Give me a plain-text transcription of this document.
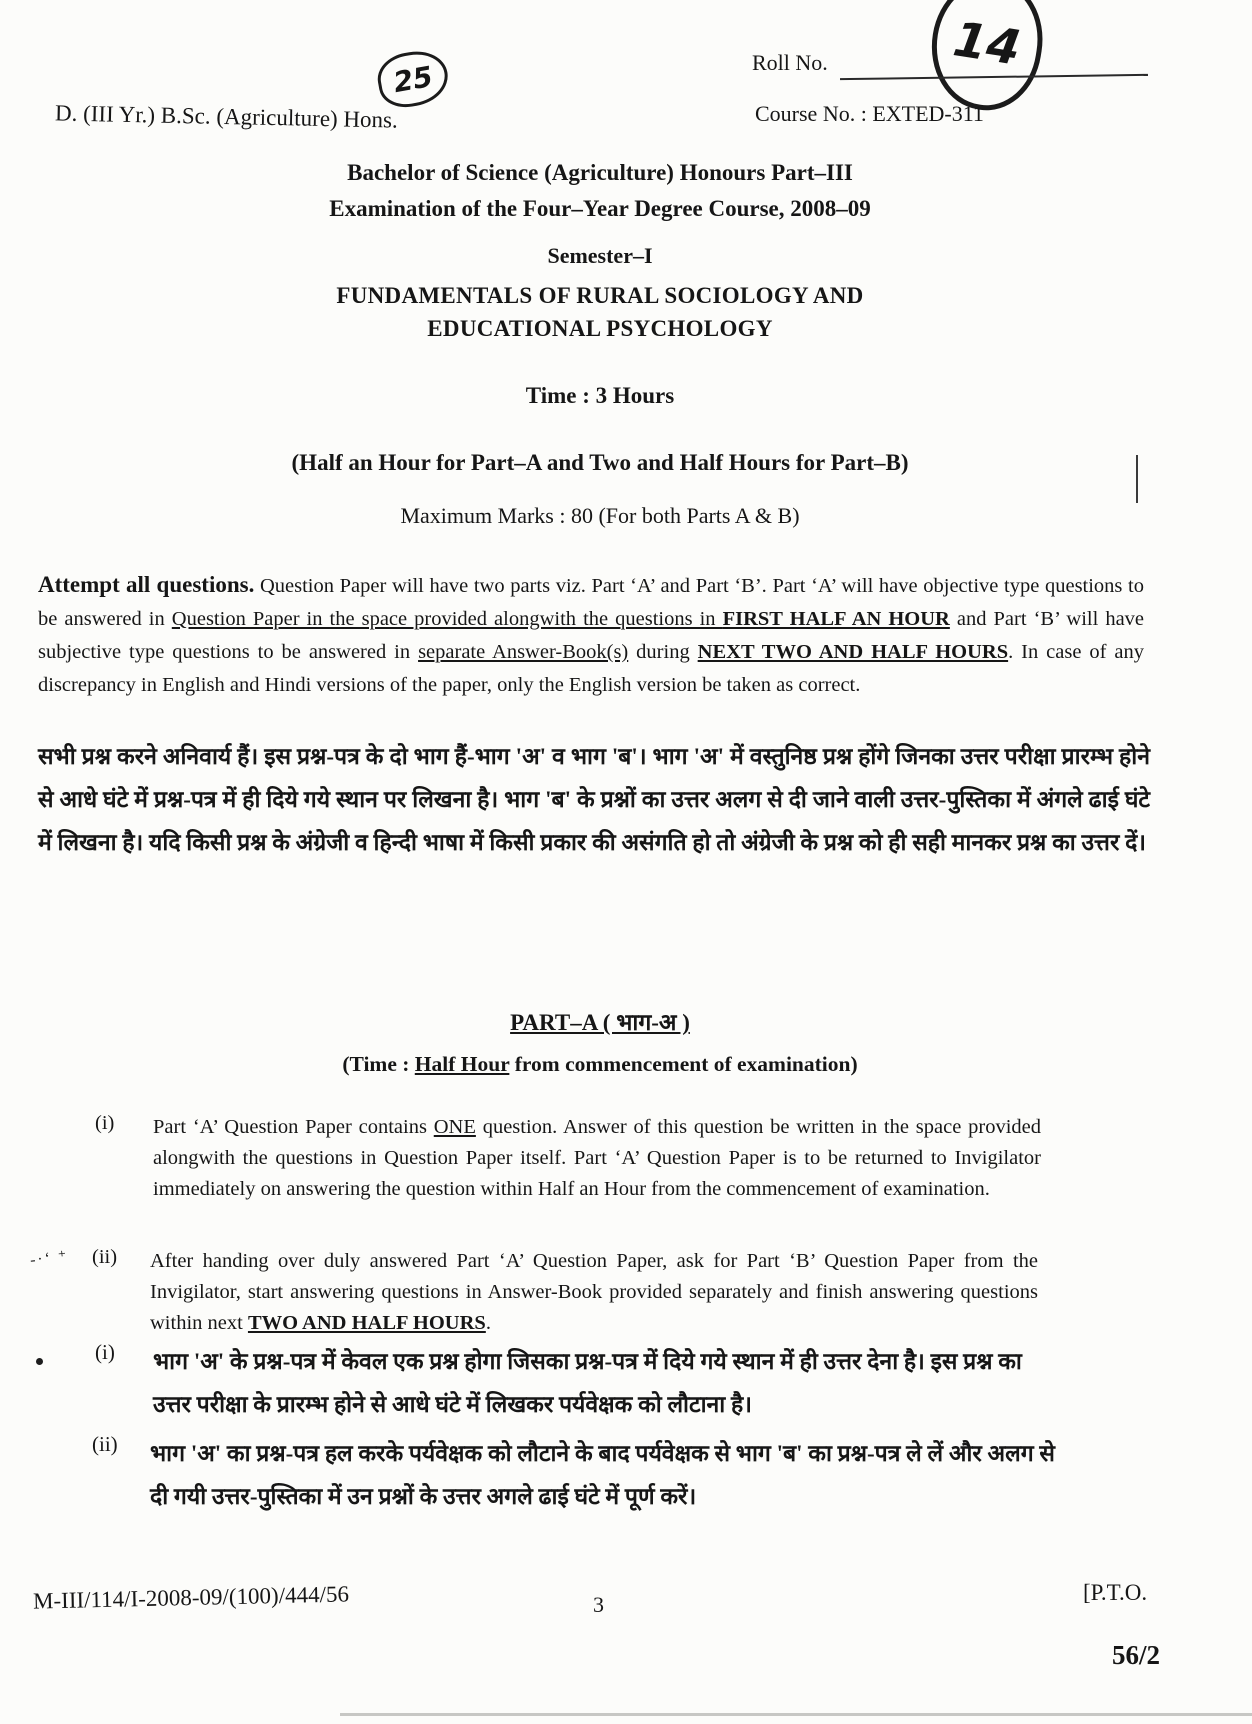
25
14
Roll No.
Course No. : EXTED-311
D. (III Yr.) B.Sc. (Agriculture) Hons.
Bachelor of Science (Agriculture) Honours Part–III
Examination of the Four–Year Degree Course, 2008–09
Semester–I
FUNDAMENTALS OF RURAL SOCIOLOGY AND
EDUCATIONAL PSYCHOLOGY
Time : 3 Hours
(Half an Hour for Part–A and Two and Half Hours for Part–B)
Maximum Marks : 80 (For both Parts A & B)
Attempt all questions. Question Paper will have two parts viz. Part ‘A’ and Part ‘B’. Part ‘A’ will have objective type questions to be answered in Question Paper in the space provided alongwith the questions in FIRST HALF AN HOUR and Part ‘B’ will have subjective type questions to be answered in separate Answer-Book(s) during NEXT TWO AND HALF HOURS. In case of any discrepancy in English and Hindi versions of the paper, only the English version be taken as correct.
सभी प्रश्न करने अनिवार्य हैं। इस प्रश्न-पत्र के दो भाग हैं-भाग 'अ' व भाग 'ब'। भाग 'अ' में वस्तुनिष्ठ प्रश्न होंगे जिनका उत्तर परीक्षा प्रारम्भ होने से आधे घंटे में प्रश्न-पत्र में ही दिये गये स्थान पर लिखना है। भाग 'ब' के प्रश्नों का उत्तर अलग से दी जाने वाली उत्तर-पुस्तिका में अंगले ढाई घंटे में लिखना है। यदि किसी प्रश्न के अंग्रेजी व हिन्दी भाषा में किसी प्रकार की असंगति हो तो अंग्रेजी के प्रश्न को ही सही मानकर प्रश्न का उत्तर दें।
PART–A ( भाग-अ )
(Time : Half Hour from commencement of examination)
(i)	Part ‘A’ Question Paper contains ONE question. Answer of this question be written in the space provided alongwith the questions in Question Paper itself. Part ‘A’ Question Paper is to be returned to Invigilator immediately on answering the question within Half an Hour from the commencement of examination.
-·‘ ⁺ (ii)	After handing over duly answered Part ‘A’ Question Paper, ask for Part ‘B’ Question Paper from the Invigilator, start answering questions in Answer-Book provided separately and finish answering questions within next TWO AND HALF HOURS.
(i)	भाग 'अ' के प्रश्न-पत्र में केवल एक प्रश्न होगा जिसका प्रश्न-पत्र में दिये गये स्थान में ही उत्तर देना है। इस प्रश्न का उत्तर परीक्षा के प्रारम्भ होने से आधे घंटे में लिखकर पर्यवेक्षक को लौटाना है।
(ii)	भाग 'अ' का प्रश्न-पत्र हल करके पर्यवेक्षक को लौटाने के बाद पर्यवेक्षक से भाग 'ब' का प्रश्न-पत्र ले लें और अलग से दी गयी उत्तर-पुस्तिका में उन प्रश्नों के उत्तर अगले ढाई घंटे में पूर्ण करें।
M-III/114/I-2008-09/(100)/444/56	3	[P.T.O.
56/2
